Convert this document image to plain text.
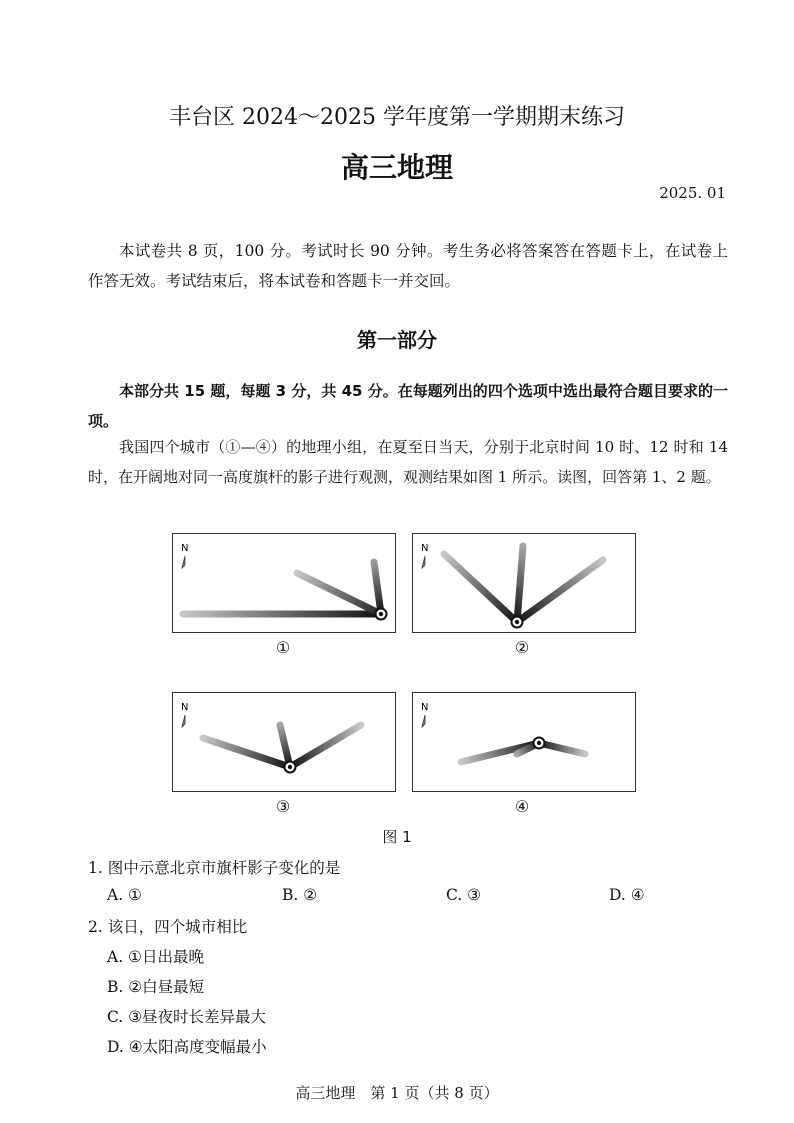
丰台区 2024～2025 学年度第一学期期末练习
高三地理
2025. 01
本试卷共 8 页，100 分。考试时长 90 分钟。考生务必将答案答在答题卡上，在试卷上作答无效。考试结束后，将本试卷和答题卡一并交回。
第一部分
本部分共 15 题，每题 3 分，共 45 分。在每题列出的四个选项中选出最符合题目要求的一项。
我国四个城市（①—④）的地理小组，在夏至日当天，分别于北京时间 10 时、12 时和 14 时，在开阔地对同一高度旗杆的影子进行观测，观测结果如图 1 所示。读图，回答第 1、2 题。
N
①
N
②
N
③
N
④
图 1
1. 图中示意北京市旗杆影子变化的是
A. ①	B. ②	C. ③	D. ④
2. 该日，四个城市相比
A. ①日出最晚
B. ②白昼最短
C. ③昼夜时长差异最大
D. ④太阳高度变幅最小
高三地理　第 1 页（共 8 页）
